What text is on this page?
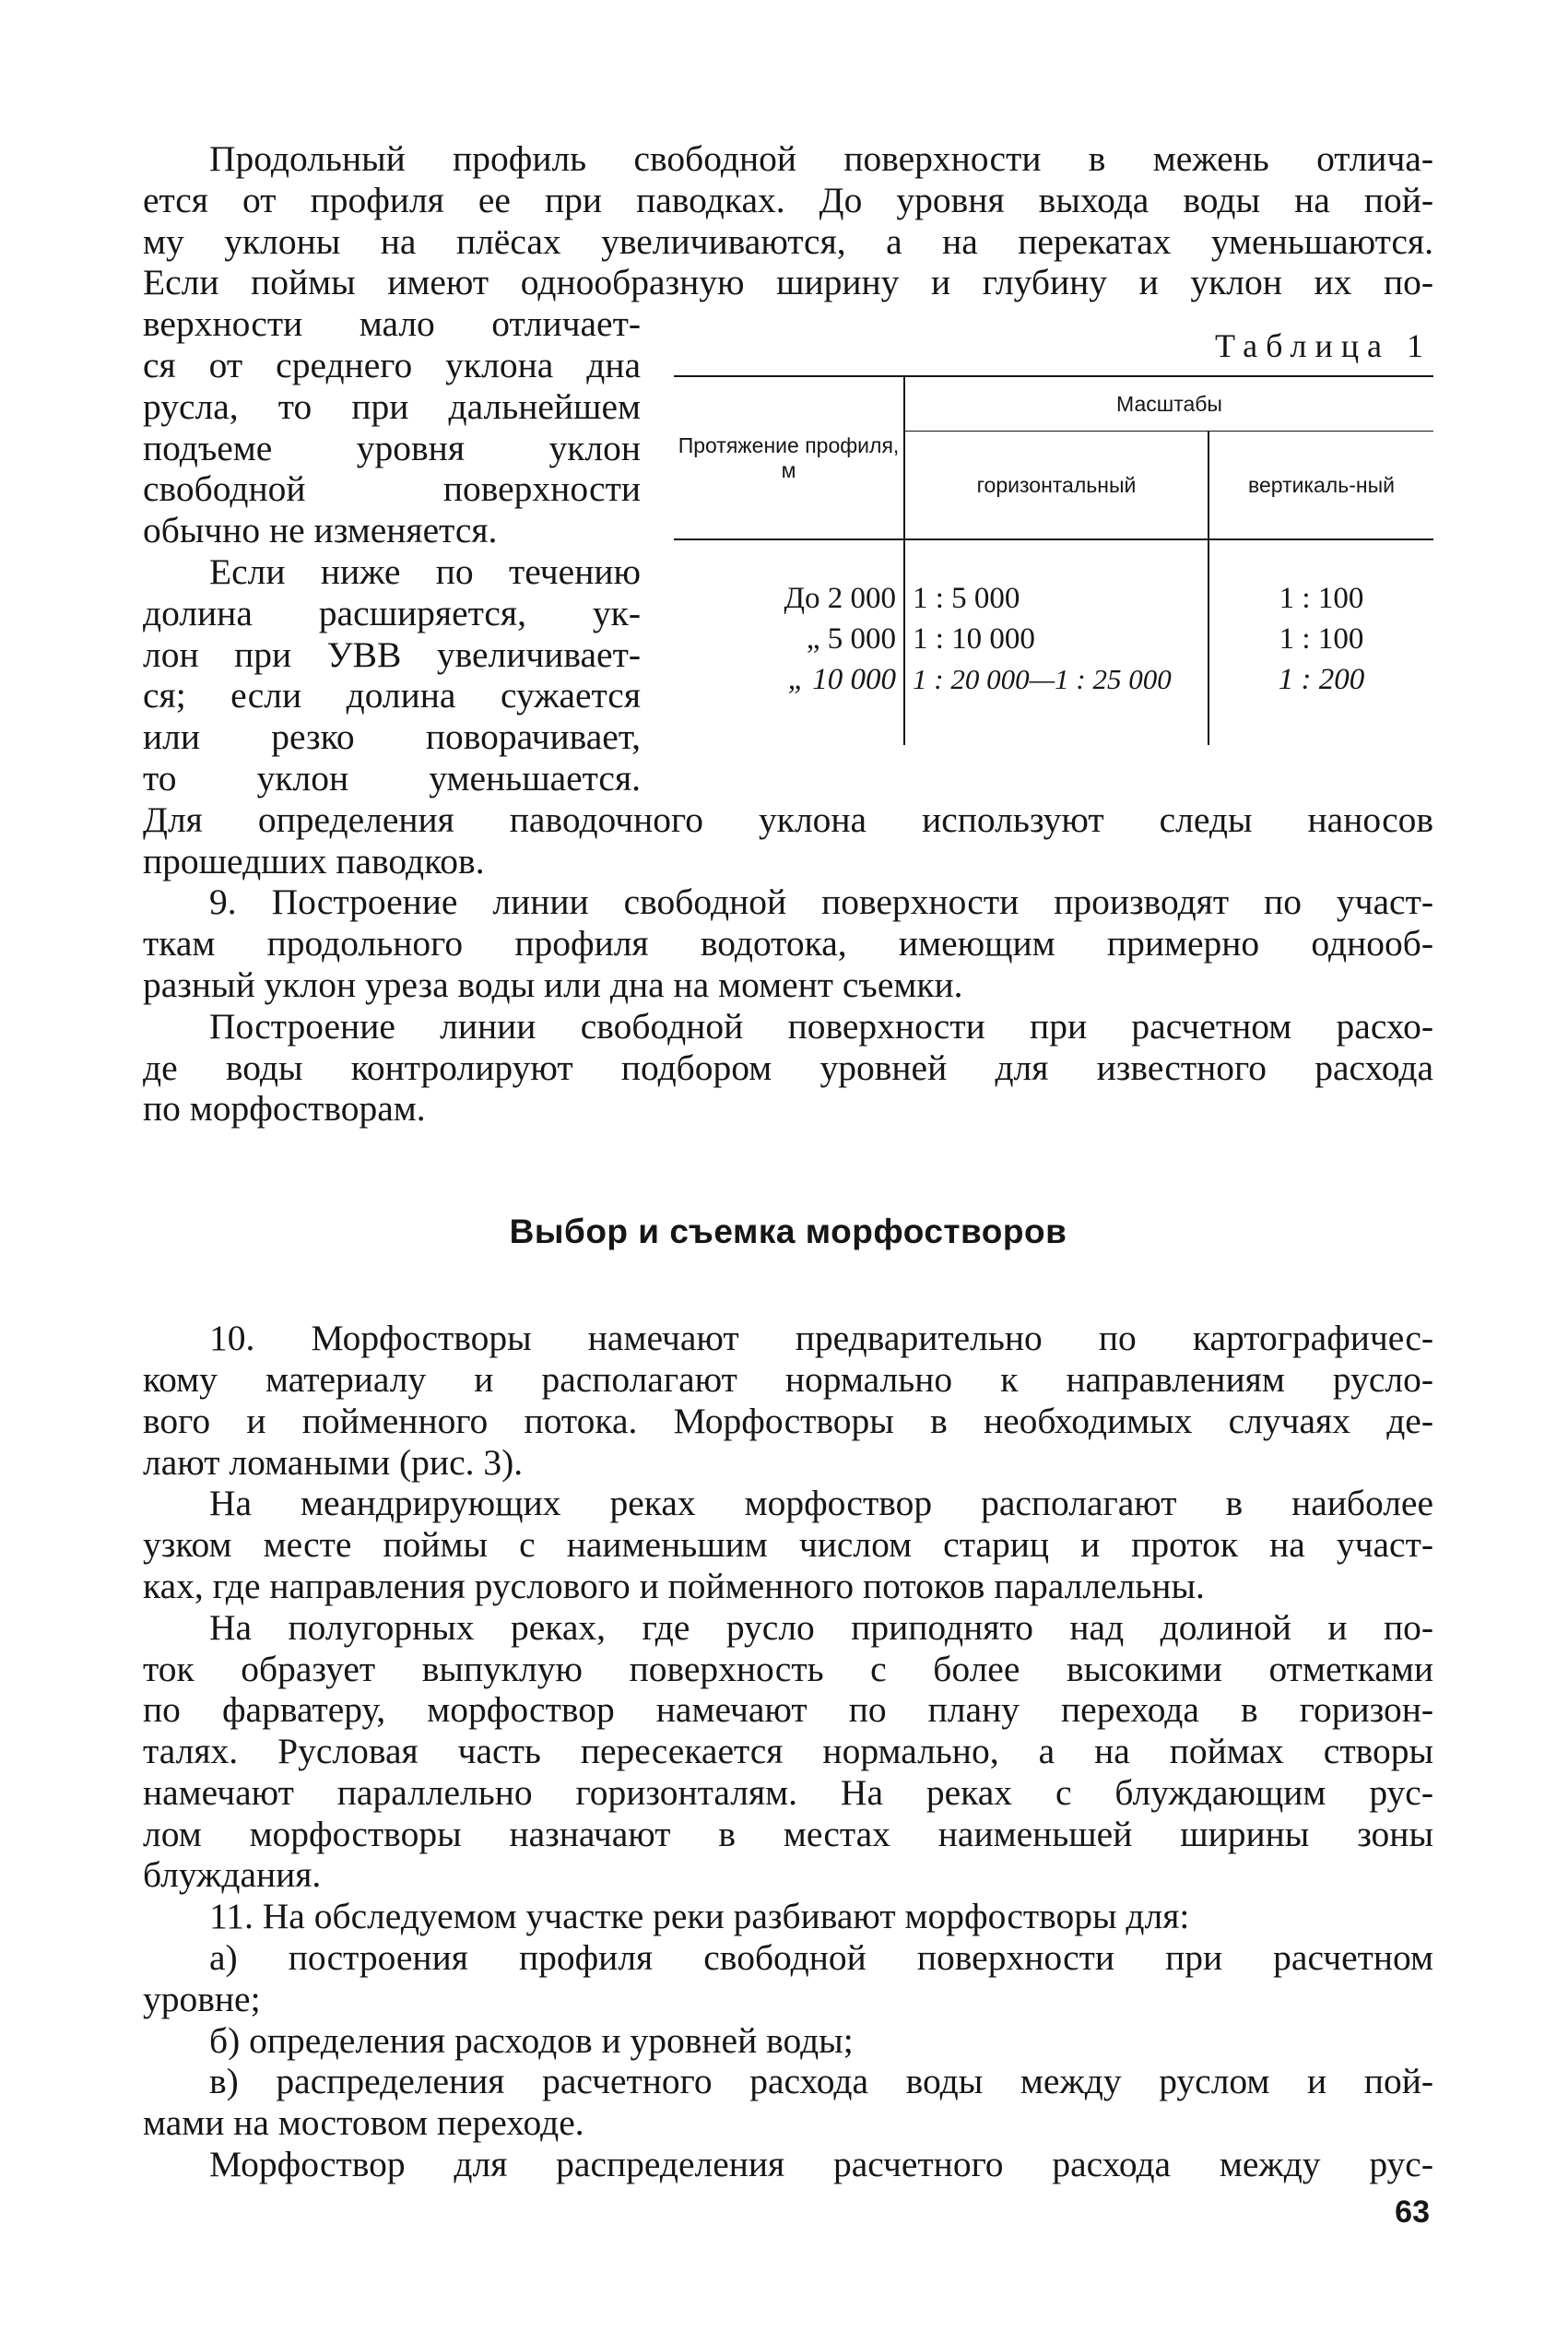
Продольный профиль свободной поверхности в межень отлича-

ется от профиля ее при паводках. До уровня выхода воды на пой-

му уклоны на плёсах увеличиваются, а на перекатах уменьшаются.

Если поймы имеют однообразную ширину и глубину и уклон их по-

верхности мало отличает-

ся от среднего уклона дна

русла, то при дальнейшем

подъеме уровня уклон

свободной поверхности

обычно не изменяется.

Если ниже по течению

долина расширяется, ук-

лон при УВВ увеличивает-

ся; если долина сужается

или резко поворачивает,

то уклон уменьшается.

Таблица 1
Протяжение профиля, м	Масштабы	
	горизонтальный	вертикаль-ный
До 2 000	1 : 5 000	1 : 100
„ 5 000	1 : 10 000	1 : 100
„ 10 000	1 : 20 000—1 : 25 000	1 : 200

Для определения паводочного уклона используют следы наносов

прошедших паводков.

9. Построение линии свободной поверхности производят по участ-

ткам продольного профиля водотока, имеющим примерно однооб-

разный уклон уреза воды или дна на момент съемки.

Построение линии свободной поверхности при расчетном расхо-

де воды контролируют подбором уровней для известного расхода

по морфостворам.

Выбор и съемка морфостворов

10. Морфостворы намечают предварительно по картографичес-

кому материалу и располагают нормально к направлениям русло-

вого и пойменного потока. Морфостворы в необходимых случаях де-

лают ломаными (рис. 3).

На меандрирующих реках морфоствор располагают в наиболее

узком месте поймы с наименьшим числом стариц и проток на участ-

ках, где направления руслового и пойменного потоков параллельны.

На полугорных реках, где русло приподнято над долиной и по-

ток образует выпуклую поверхность с более высокими отметками

по фарватеру, морфоствор намечают по плану перехода в горизон-

талях. Русловая часть пересекается нормально, а на поймах створы

намечают параллельно горизонталям. На реках с блуждающим рус-

лом морфостворы назначают в местах наименьшей ширины зоны

блуждания.

11. На обследуемом участке реки разбивают морфостворы для:

а) построения профиля свободной поверхности при расчетном

уровне;

б) определения расходов и уровней воды;

в) распределения расчетного расхода воды между руслом и пой-

мами на мостовом переходе.

Морфоствор для распределения расчетного расхода между рус-

63
